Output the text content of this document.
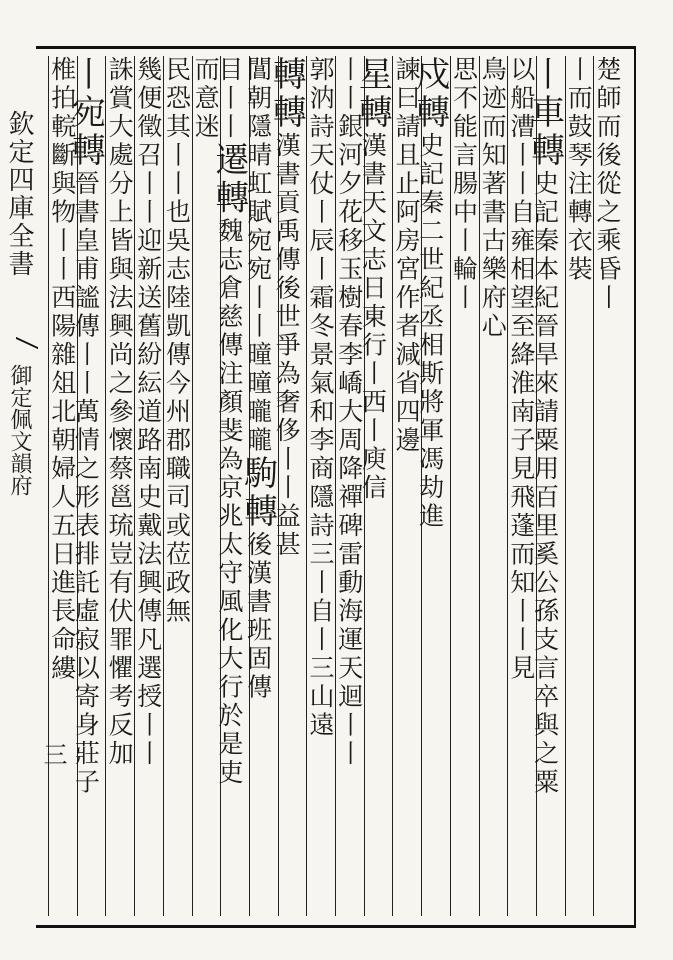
欽定四庫全書
御定佩文韻府
三
楚師而後從之乘昏丨
丨而鼓琴注轉衣裝
丨車轉史記秦本紀晉旱來請粟用百里奚公孫支言卒與之粟
以船漕丨丨自雍相望至絳淮南子見飛蓬而知丨丨見
鳥迹而知著書古樂府心
思不能言腸中丨輪丨
戍轉史記秦二世紀丞相斯將軍馮劫進
諫曰請且止阿房宮作者減省四邊
星轉漢書天文志日東行丨西丨庾信
丨丨銀河夕花移玉樹春李嶠大周降禪碑雷動海運天迴丨丨
郭汭詩天仗丨辰丨霜冬景氣和李商隱詩三丨自丨三山遠
轉轉漢書貢禹傳後世爭為奢侈丨丨益甚
閶朝隱晴虹賦宛宛丨丨曈曈曨曨駒轉後漢書班固傳
目丨丨遷轉魏志倉慈傳注顏斐為京兆太守風化大行於是吏
而意迷
民恐其丨丨也吳志陸凱傳今州郡職司或莅政無
幾便徵召丨丨迎新送舊紛紜道路南史戴法興傳凡選授丨丨
誅賞大處分上皆與法興尚之參懷蔡邕琉豈有伏罪懼考反加
丨宛轉晉書皇甫謐傳丨丨萬情之形表排託虛寂以寄身莊子
椎拍輐斷與物丨丨西陽雜俎北朝婦人五日進長命縷
